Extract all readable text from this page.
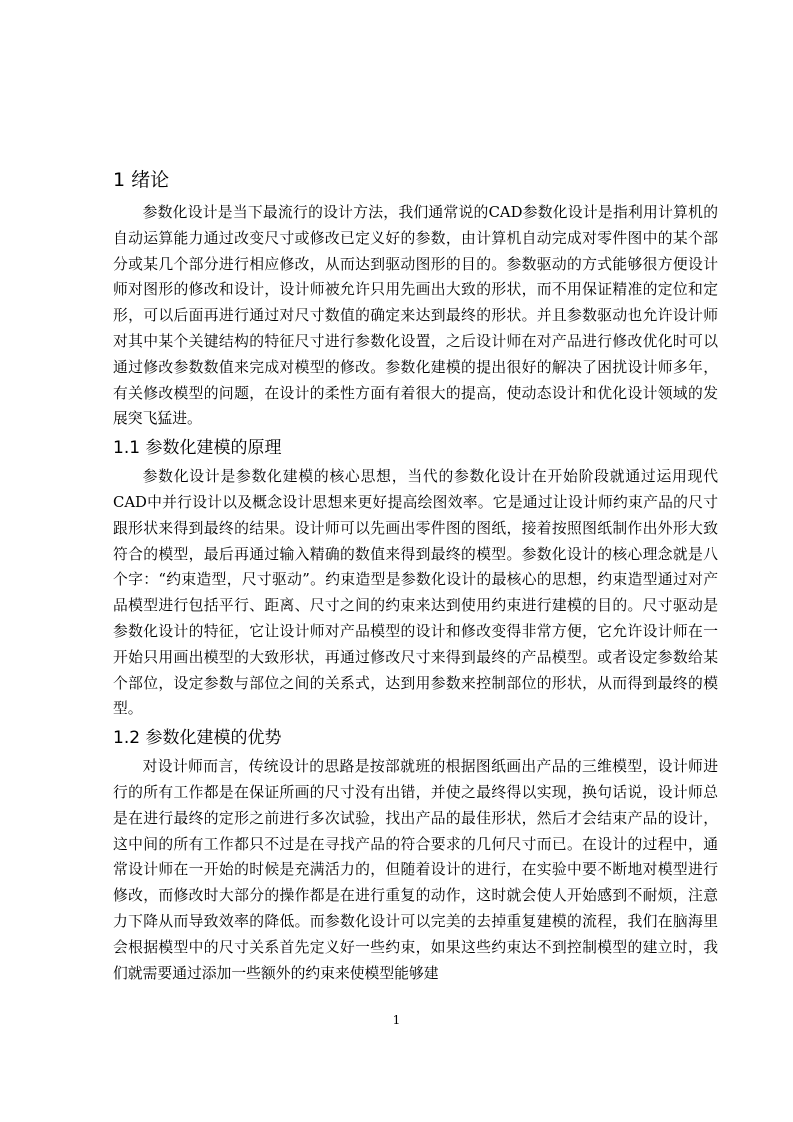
1 绪论

参数化设计是当下最流行的设计方法，我们通常说的CAD参数化设计是指利用计算机的自动运算能力通过改变尺寸或修改已定义好的参数，由计算机自动完成对零件图中的某个部分或某几个部分进行相应修改，从而达到驱动图形的目的。参数驱动的方式能够很方便设计师对图形的修改和设计，设计师被允许只用先画出大致的形状，而不用保证精准的定位和定形，可以后面再进行通过对尺寸数值的确定来达到最终的形状。并且参数驱动也允许设计师对其中某个关键结构的特征尺寸进行参数化设置，之后设计师在对产品进行修改优化时可以通过修改参数数值来完成对模型的修改。参数化建模的提出很好的解决了困扰设计师多年，有关修改模型的问题，在设计的柔性方面有着很大的提高，使动态设计和优化设计领域的发展突飞猛进。

1.1 参数化建模的原理

参数化设计是参数化建模的核心思想，当代的参数化设计在开始阶段就通过运用现代CAD中并行设计以及概念设计思想来更好提高绘图效率。它是通过让设计师约束产品的尺寸跟形状来得到最终的结果。设计师可以先画出零件图的图纸，接着按照图纸制作出外形大致符合的模型，最后再通过输入精确的数值来得到最终的模型。参数化设计的核心理念就是八个字：“约束造型，尺寸驱动”。约束造型是参数化设计的最核心的思想，约束造型通过对产品模型进行包括平行、距离、尺寸之间的约束来达到使用约束进行建模的目的。尺寸驱动是参数化设计的特征，它让设计师对产品模型的设计和修改变得非常方便，它允许设计师在一开始只用画出模型的大致形状，再通过修改尺寸来得到最终的产品模型。或者设定参数给某个部位，设定参数与部位之间的关系式，达到用参数来控制部位的形状，从而得到最终的模型。

1.2 参数化建模的优势

对设计师而言，传统设计的思路是按部就班的根据图纸画出产品的三维模型，设计师进行的所有工作都是在保证所画的尺寸没有出错，并使之最终得以实现，换句话说，设计师总是在进行最终的定形之前进行多次试验，找出产品的最佳形状，然后才会结束产品的设计，这中间的所有工作都只不过是在寻找产品的符合要求的几何尺寸而已。在设计的过程中，通常设计师在一开始的时候是充满活力的，但随着设计的进行，在实验中要不断地对模型进行修改，而修改时大部分的操作都是在进行重复的动作，这时就会使人开始感到不耐烦，注意力下降从而导致效率的降低。而参数化设计可以完美的去掉重复建模的流程，我们在脑海里会根据模型中的尺寸关系首先定义好一些约束，如果这些约束达不到控制模型的建立时，我们就需要通过添加一些额外的约束来使模型能够建

1
